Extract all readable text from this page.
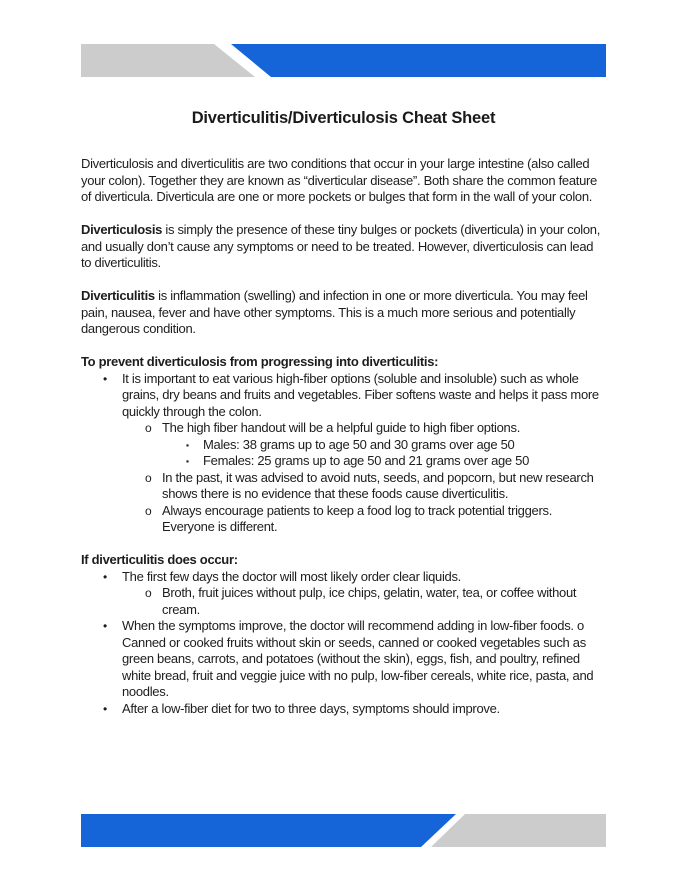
Diverticulitis/Diverticulosis Cheat Sheet

Diverticulosis and diverticulitis are two conditions that occur in your large intestine (also called your colon). Together they are known as “diverticular disease”. Both share the common feature of diverticula. Diverticula are one or more pockets or bulges that form in the wall of your colon.

Diverticulosis is simply the presence of these tiny bulges or pockets (diverticula) in your colon, and usually don’t cause any symptoms or need to be treated. However, diverticulosis can lead to diverticulitis.

Diverticulitis is inflammation (swelling) and infection in one or more diverticula. You may feel pain, nausea, fever and have other symptoms. This is a much more serious and potentially dangerous condition.

To prevent diverticulosis from progressing into diverticulitis:

•	It is important to eat various high-fiber options (soluble and insoluble) such as whole grains, dry beans and fruits and vegetables. Fiber softens waste and helps it pass more quickly through the colon.
o The high fiber handout will be a helpful guide to high fiber options.
▪	Males: 38 grams up to age 50 and 30 grams over age 50
▪	Females: 25 grams up to age 50 and 21 grams over age 50
o In the past, it was advised to avoid nuts, seeds, and popcorn, but new research shows there is no evidence that these foods cause diverticulitis.
o Always encourage patients to keep a food log to track potential triggers. Everyone is different.

If diverticulitis does occur:

•	The first few days the doctor will most likely order clear liquids.
o Broth, fruit juices without pulp, ice chips, gelatin, water, tea, or coffee without cream.
•	When the symptoms improve, the doctor will recommend adding in low-fiber foods. o Canned or cooked fruits without skin or seeds, canned or cooked vegetables such as green beans, carrots, and potatoes (without the skin), eggs, fish, and poultry, refined white bread, fruit and veggie juice with no pulp, low-fiber cereals, white rice, pasta, and noodles.
•	After a low-fiber diet for two to three days, symptoms should improve.
